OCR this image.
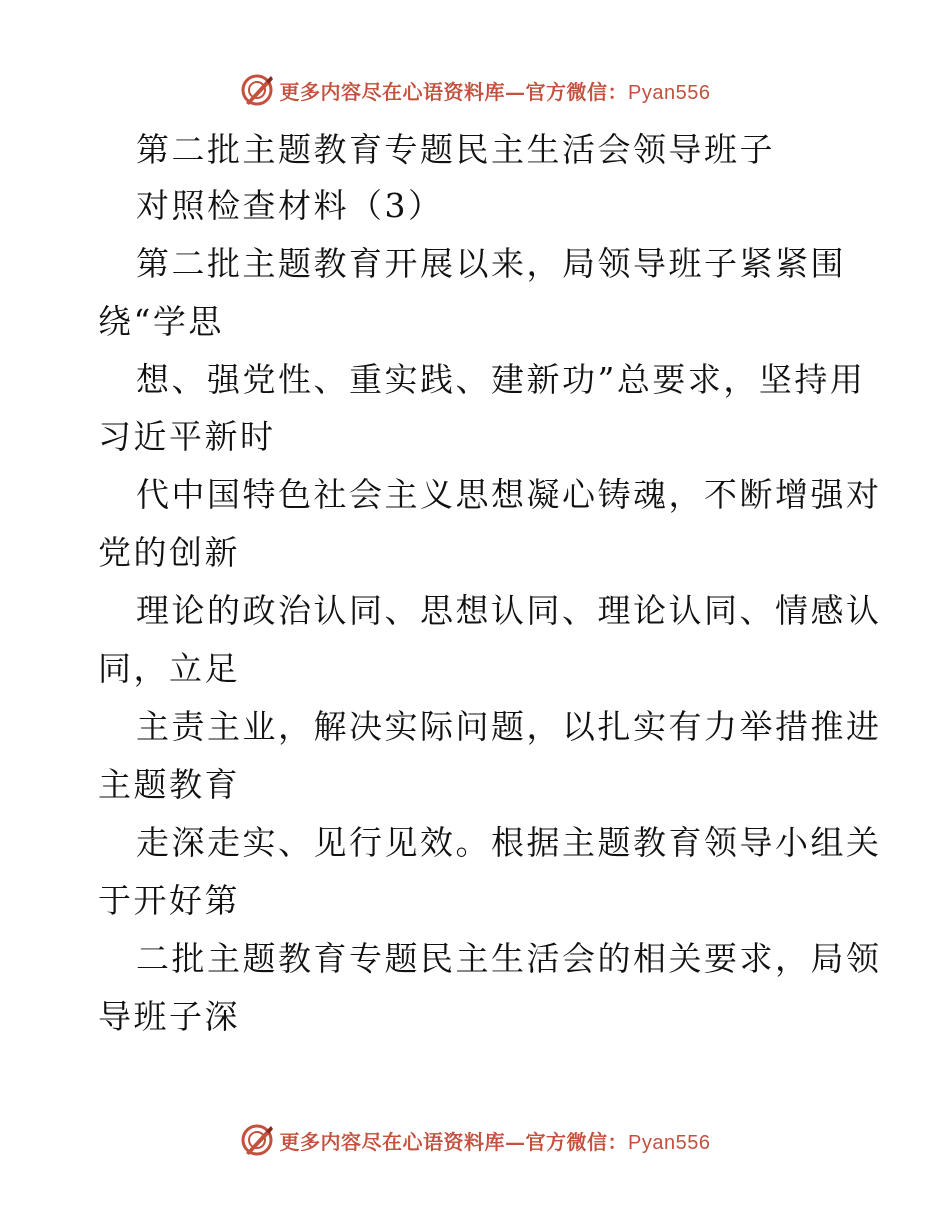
更多内容尽在心语资料库—官方微信：Pyan556
第二批主题教育专题民主生活会领导班子
对照检查材料（3）
第二批主题教育开展以来，局领导班子紧紧围
绕“学思
想、强党性、重实践、建新功”总要求，坚持用
习近平新时
代中国特色社会主义思想凝心铸魂，不断增强对
党的创新
理论的政治认同、思想认同、理论认同、情感认
同，立足
主责主业，解决实际问题，以扎实有力举措推进
主题教育
走深走实、见行见效。根据主题教育领导小组关
于开好第
二批主题教育专题民主生活会的相关要求，局领
导班子深
更多内容尽在心语资料库—官方微信：Pyan556
